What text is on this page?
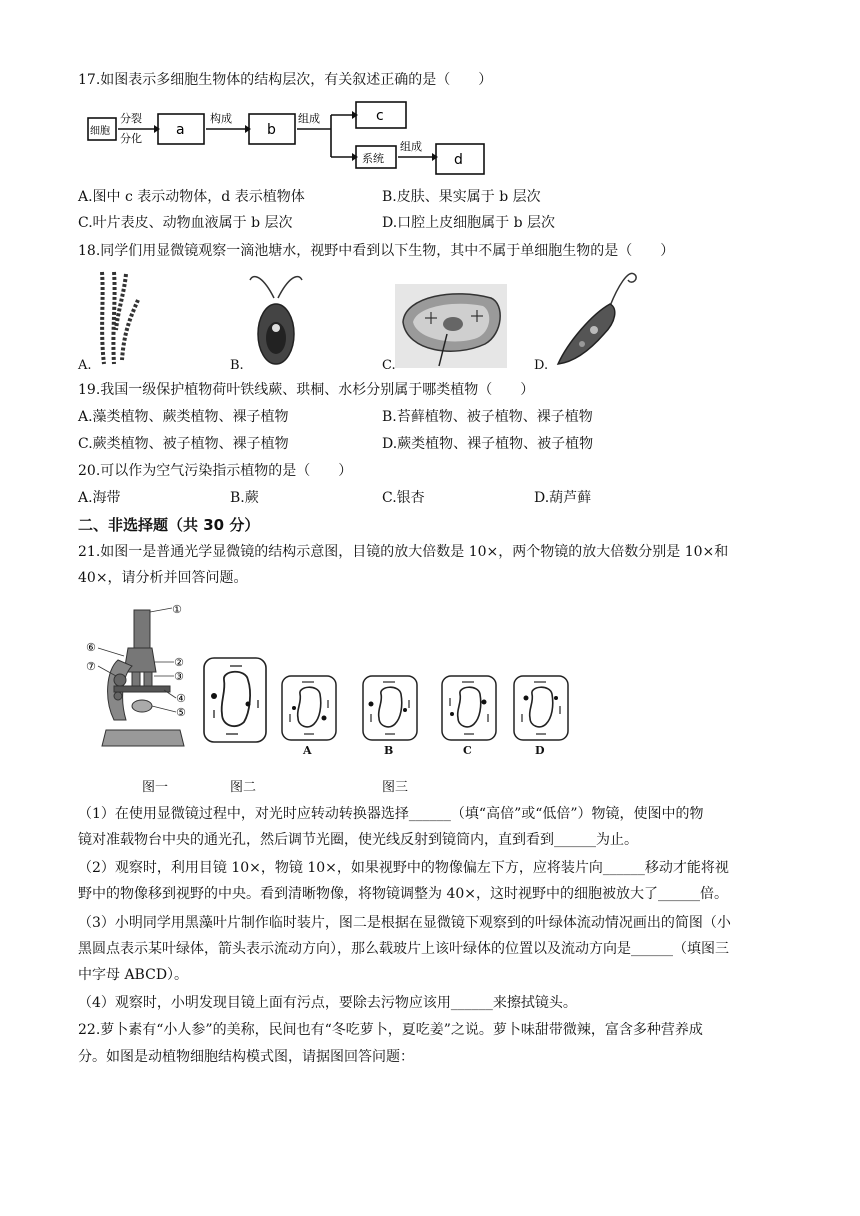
17.如图表示多细胞生物体的结构层次，有关叙述正确的是（　　）
细胞
分裂
分化
a
构成
b
组成	c
系统
组成
d
A.图中 c 表示动物体，d 表示植物体	B.皮肤、果实属于 b 层次
C.叶片表皮、动物血液属于 b 层次	D.口腔上皮细胞属于 b 层次
18.同学们用显微镜观察一滴池塘水，视野中看到以下生物，其中不属于单细胞生物的是（　　）
A.	B.	C.	D.
19.我国一级保护植物荷叶铁线蕨、珙桐、水杉分别属于哪类植物（　　）
A.藻类植物、蕨类植物、裸子植物	B.苔藓植物、被子植物、裸子植物
C.蕨类植物、被子植物、裸子植物	D.蕨类植物、裸子植物、被子植物
20.可以作为空气污染指示植物的是（　　）
A.海带	B.蕨	C.银杏	D.葫芦藓
二、非选择题（共 30 分）
21.如图一是普通光学显微镜的结构示意图，目镜的放大倍数是 10×，两个物镜的放大倍数分别是 10×和
40×，请分析并回答问题。
①
②
③
④
⑤
⑥
⑦
A	B	C	D
图一	图二	图三
（1）在使用显微镜过程中，对光时应转动转换器选择______（填“高倍”或“低倍”）物镜，使图中的物
镜对准载物台中央的通光孔，然后调节光圈，使光线反射到镜筒内，直到看到______为止。
（2）观察时，利用目镜 10×，物镜 10×，如果视野中的物像偏左下方，应将装片向______移动才能将视
野中的物像移到视野的中央。看到清晰物像，将物镜调整为 40×，这时视野中的细胞被放大了______倍。
（3）小明同学用黑藻叶片制作临时装片，图二是根据在显微镜下观察到的叶绿体流动情况画出的简图（小
黑圆点表示某叶绿体，箭头表示流动方向），那么载玻片上该叶绿体的位置以及流动方向是______（填图三
中字母 ABCD）。
（4）观察时，小明发现目镜上面有污点，要除去污物应该用______来擦拭镜头。
22.萝卜素有“小人参”的美称，民间也有“冬吃萝卜，夏吃姜”之说。萝卜味甜带微辣，富含多种营养成
分。如图是动植物细胞结构模式图，请据图回答问题：
